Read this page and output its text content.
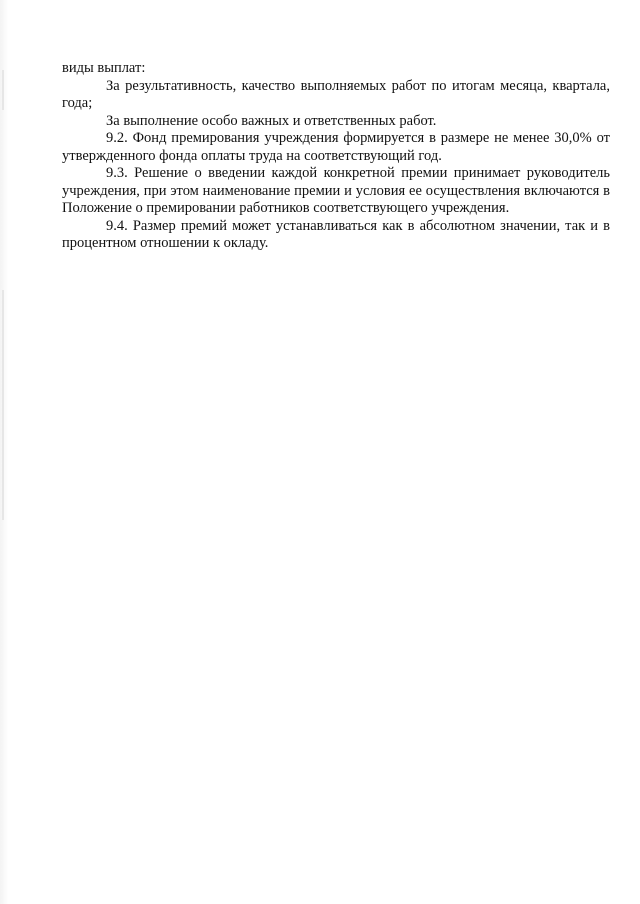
виды выплат:

За результативность, качество выполняемых работ по итогам месяца, квартала, года;

За выполнение особо важных и ответственных работ.

9.2. Фонд премирования учреждения формируется в размере не менее 30,0% от утвержденного фонда оплаты труда на соответствующий год.

9.3. Решение о введении каждой конкретной премии принимает руководитель учреждения, при этом наименование премии и условия ее осуществления включаются в Положение о премировании работников соответствующего учреждения.

9.4. Размер премий может устанавливаться как в абсолютном значении, так и в процентном отношении к окладу.
